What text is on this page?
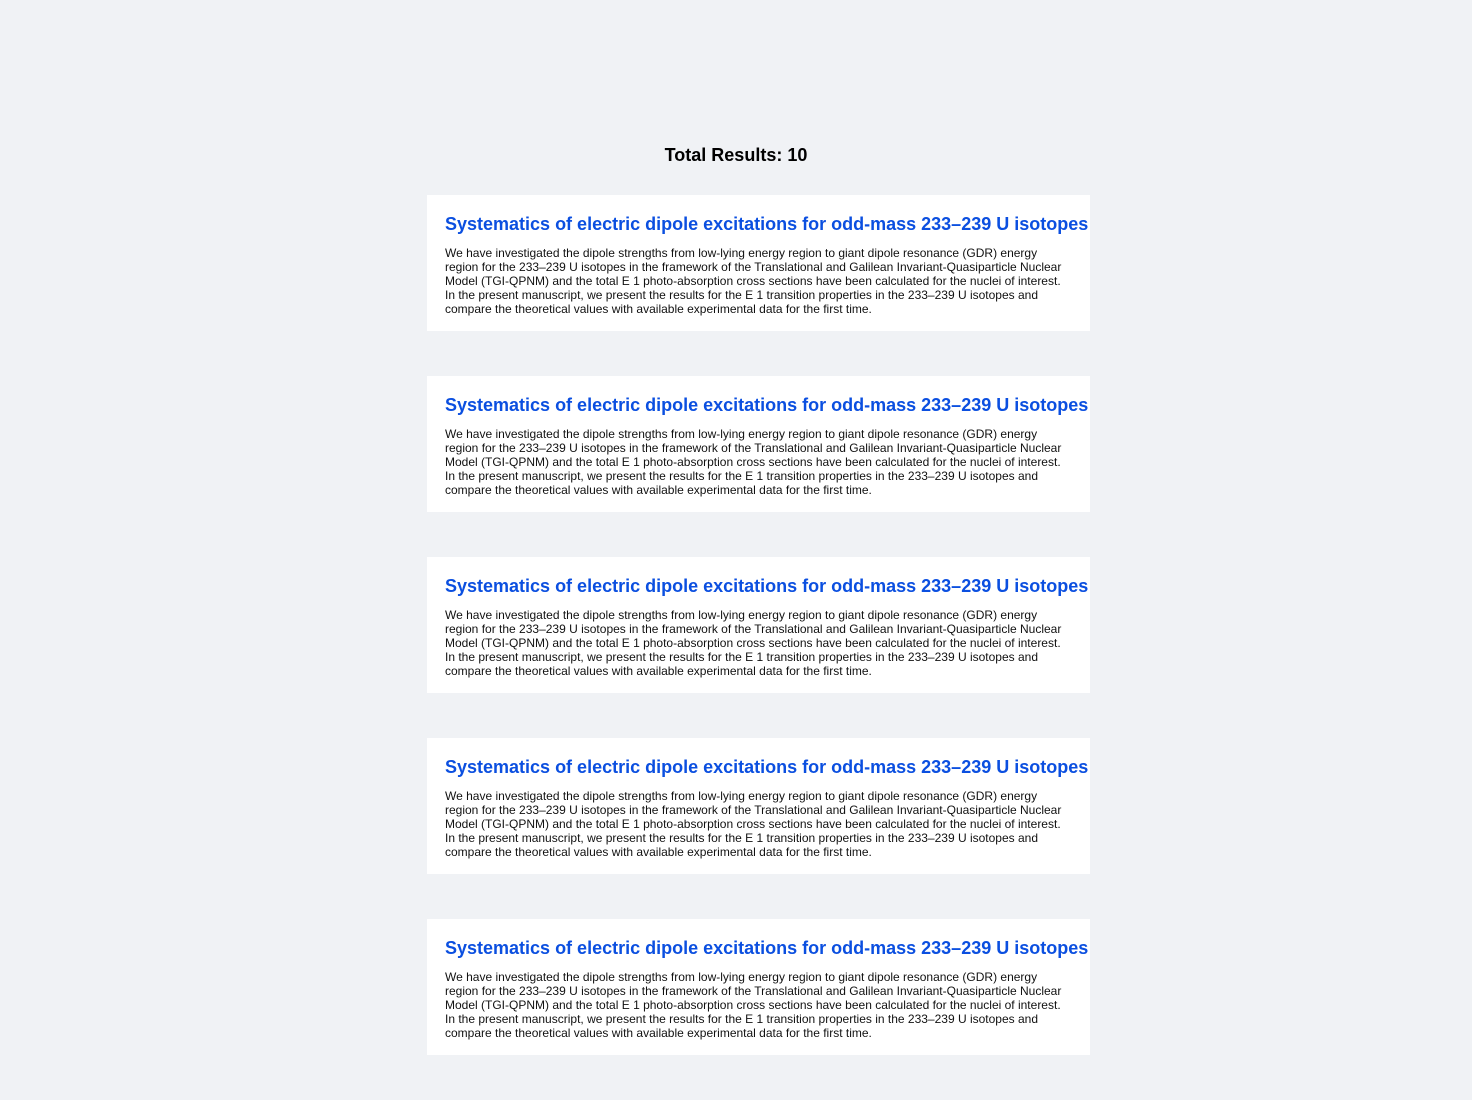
Total Results: 10
Systematics of electric dipole excitations for odd-mass 233–239 U isotopes

We have investigated the dipole strengths from low-lying energy region to giant dipole resonance (GDR) energy region for the 233–239 U isotopes in the framework of the Translational and Galilean Invariant-Quasiparticle Nuclear Model (TGI-QPNM) and the total E 1 photo-absorption cross sections have been calculated for the nuclei of interest. In the present manuscript, we present the results for the E 1 transition properties in the 233–239 U isotopes and compare the theoretical values with available experimental data for the first time.

Systematics of electric dipole excitations for odd-mass 233–239 U isotopes

We have investigated the dipole strengths from low-lying energy region to giant dipole resonance (GDR) energy region for the 233–239 U isotopes in the framework of the Translational and Galilean Invariant-Quasiparticle Nuclear Model (TGI-QPNM) and the total E 1 photo-absorption cross sections have been calculated for the nuclei of interest. In the present manuscript, we present the results for the E 1 transition properties in the 233–239 U isotopes and compare the theoretical values with available experimental data for the first time.

Systematics of electric dipole excitations for odd-mass 233–239 U isotopes

We have investigated the dipole strengths from low-lying energy region to giant dipole resonance (GDR) energy region for the 233–239 U isotopes in the framework of the Translational and Galilean Invariant-Quasiparticle Nuclear Model (TGI-QPNM) and the total E 1 photo-absorption cross sections have been calculated for the nuclei of interest. In the present manuscript, we present the results for the E 1 transition properties in the 233–239 U isotopes and compare the theoretical values with available experimental data for the first time.

Systematics of electric dipole excitations for odd-mass 233–239 U isotopes

We have investigated the dipole strengths from low-lying energy region to giant dipole resonance (GDR) energy region for the 233–239 U isotopes in the framework of the Translational and Galilean Invariant-Quasiparticle Nuclear Model (TGI-QPNM) and the total E 1 photo-absorption cross sections have been calculated for the nuclei of interest. In the present manuscript, we present the results for the E 1 transition properties in the 233–239 U isotopes and compare the theoretical values with available experimental data for the first time.

Systematics of electric dipole excitations for odd-mass 233–239 U isotopes

We have investigated the dipole strengths from low-lying energy region to giant dipole resonance (GDR) energy region for the 233–239 U isotopes in the framework of the Translational and Galilean Invariant-Quasiparticle Nuclear Model (TGI-QPNM) and the total E 1 photo-absorption cross sections have been calculated for the nuclei of interest. In the present manuscript, we present the results for the E 1 transition properties in the 233–239 U isotopes and compare the theoretical values with available experimental data for the first time.
